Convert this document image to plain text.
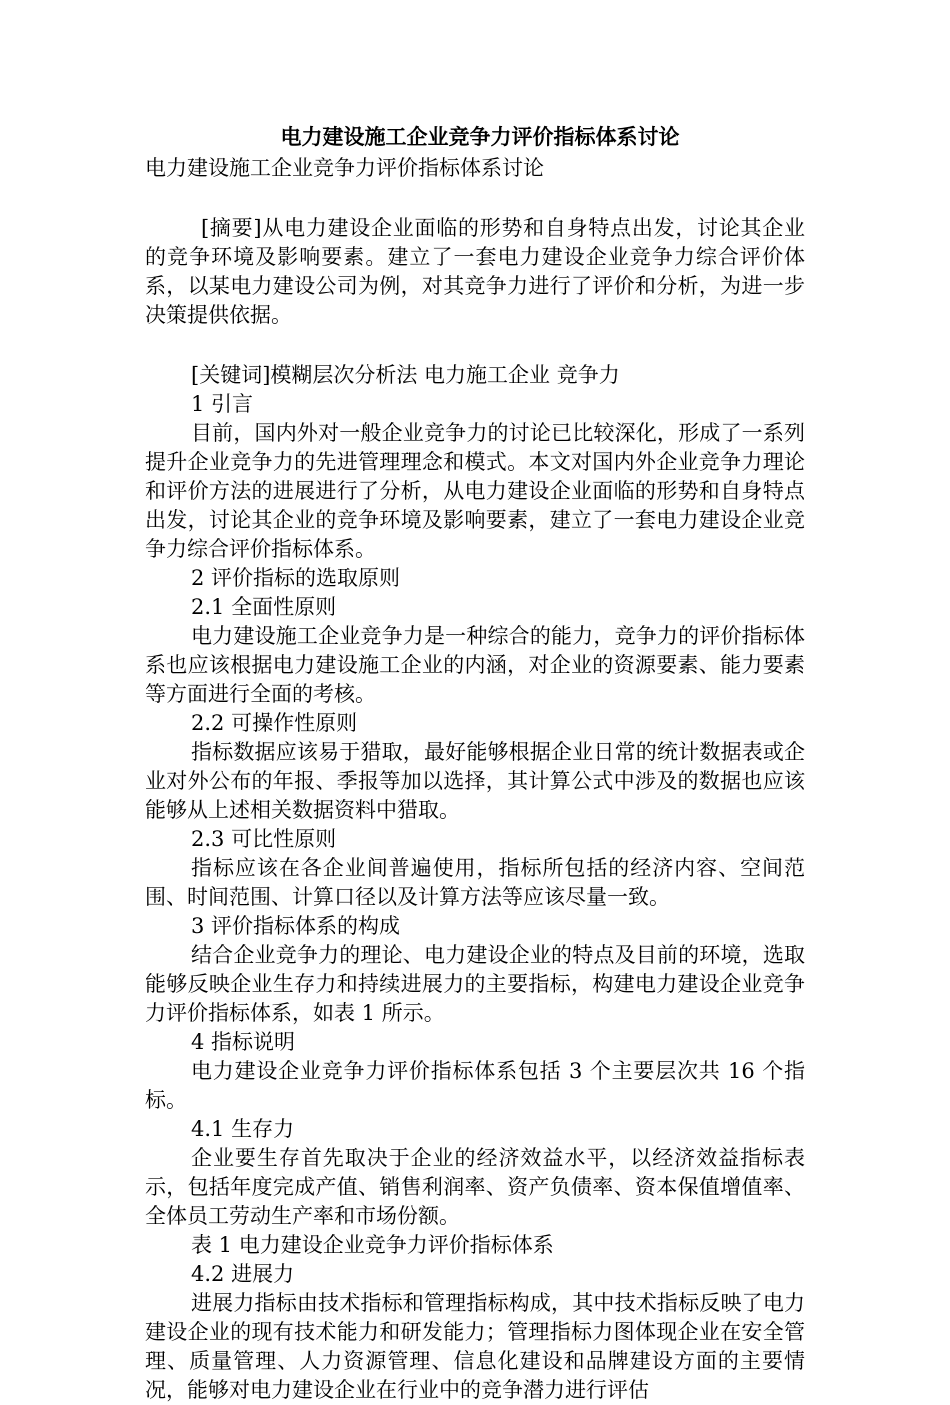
电力建设施工企业竞争力评价指标体系讨论

电力建设施工企业竞争力评价指标体系讨论

[摘要]从电力建设企业面临的形势和自身特点出发，讨论其企业的竞争环境及影响要素。建立了一套电力建设企业竞争力综合评价体系，以某电力建设公司为例，对其竞争力进行了评价和分析，为进一步决策提供依据。

[关键词]模糊层次分析法 电力施工企业 竞争力

1 引言

目前，国内外对一般企业竞争力的讨论已比较深化，形成了一系列提升企业竞争力的先进管理理念和模式。本文对国内外企业竞争力理论和评价方法的进展进行了分析，从电力建设企业面临的形势和自身特点出发，讨论其企业的竞争环境及影响要素，建立了一套电力建设企业竞争力综合评价指标体系。

2 评价指标的选取原则

2.1 全面性原则

电力建设施工企业竞争力是一种综合的能力，竞争力的评价指标体系也应该根据电力建设施工企业的内涵，对企业的资源要素、能力要素等方面进行全面的考核。

2.2 可操作性原则

指标数据应该易于猎取，最好能够根据企业日常的统计数据表或企业对外公布的年报、季报等加以选择，其计算公式中涉及的数据也应该能够从上述相关数据资料中猎取。

2.3 可比性原则

指标应该在各企业间普遍使用，指标所包括的经济内容、空间范围、时间范围、计算口径以及计算方法等应该尽量一致。

3 评价指标体系的构成

结合企业竞争力的理论、电力建设企业的特点及目前的环境，选取能够反映企业生存力和持续进展力的主要指标，构建电力建设企业竞争力评价指标体系，如表 1 所示。

4 指标说明

电力建设企业竞争力评价指标体系包括 3 个主要层次共 16 个指标。

4.1 生存力

企业要生存首先取决于企业的经济效益水平，以经济效益指标表示，包括年度完成产值、销售利润率、资产负债率、资本保值增值率、全体员工劳动生产率和市场份额。

表 1 电力建设企业竞争力评价指标体系

4.2 进展力

进展力指标由技术指标和管理指标构成，其中技术指标反映了电力建设企业的现有技术能力和研发能力；管理指标力图体现企业在安全管理、质量管理、人力资源管理、信息化建设和品牌建设方面的主要情况，能够对电力建设企业在行业中的竞争潜力进行评估
